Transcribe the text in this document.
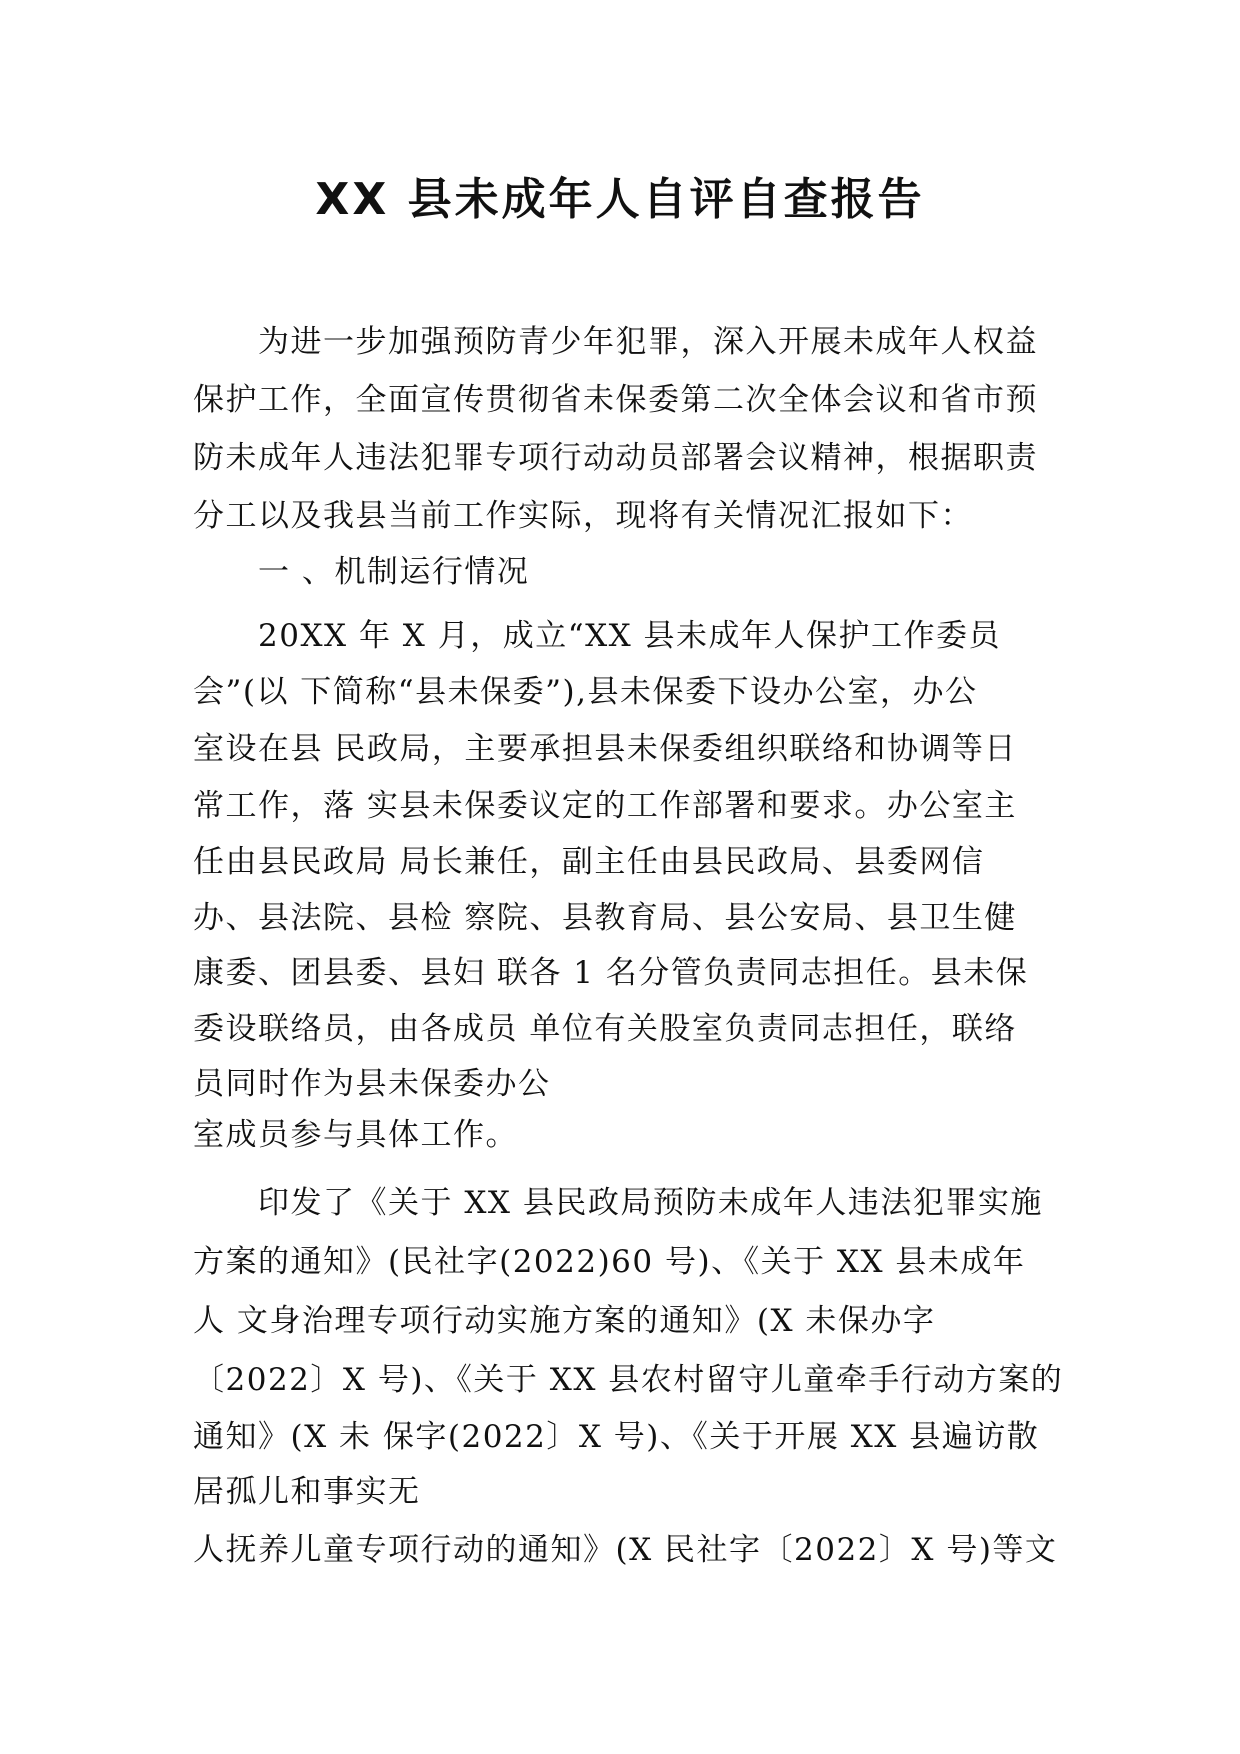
XX 县未成年人自评自查报告
为进一步加强预防青少年犯罪，深入开展未成年人权益
保护工作，全面宣传贯彻省未保委第二次全体会议和省市预
防未成年人违法犯罪专项行动动员部署会议精神，根据职责
分工以及我县当前工作实际，现将有关情况汇报如下：
一 、机制运行情况
20XX 年 X 月，成立“XX 县未成年人保护工作委员
会”(以 下简称“县未保委”),县未保委下设办公室，办公
室设在县 民政局，主要承担县未保委组织联络和协调等日
常工作，落 实县未保委议定的工作部署和要求。办公室主
任由县民政局 局长兼任，副主任由县民政局、县委网信
办、县法院、县检 察院、县教育局、县公安局、县卫生健
康委、团县委、县妇 联各 1 名分管负责同志担任。县未保
委设联络员，由各成员 单位有关股室负责同志担任，联络
员同时作为县未保委办公
室成员参与具体工作。
印发了《关于 XX 县民政局预防未成年人违法犯罪实施
方案的通知》(民社字(2022)60 号)、《关于 XX 县未成年
人 文身治理专项行动实施方案的通知》(X 未保办字
〔2022〕X 号)、《关于 XX 县农村留守儿童牵手行动方案的
通知》(X 未 保字(2022〕X 号)、《关于开展 XX 县遍访散
居孤儿和事实无
人抚养儿童专项行动的通知》(X 民社字〔2022〕X 号)等文
